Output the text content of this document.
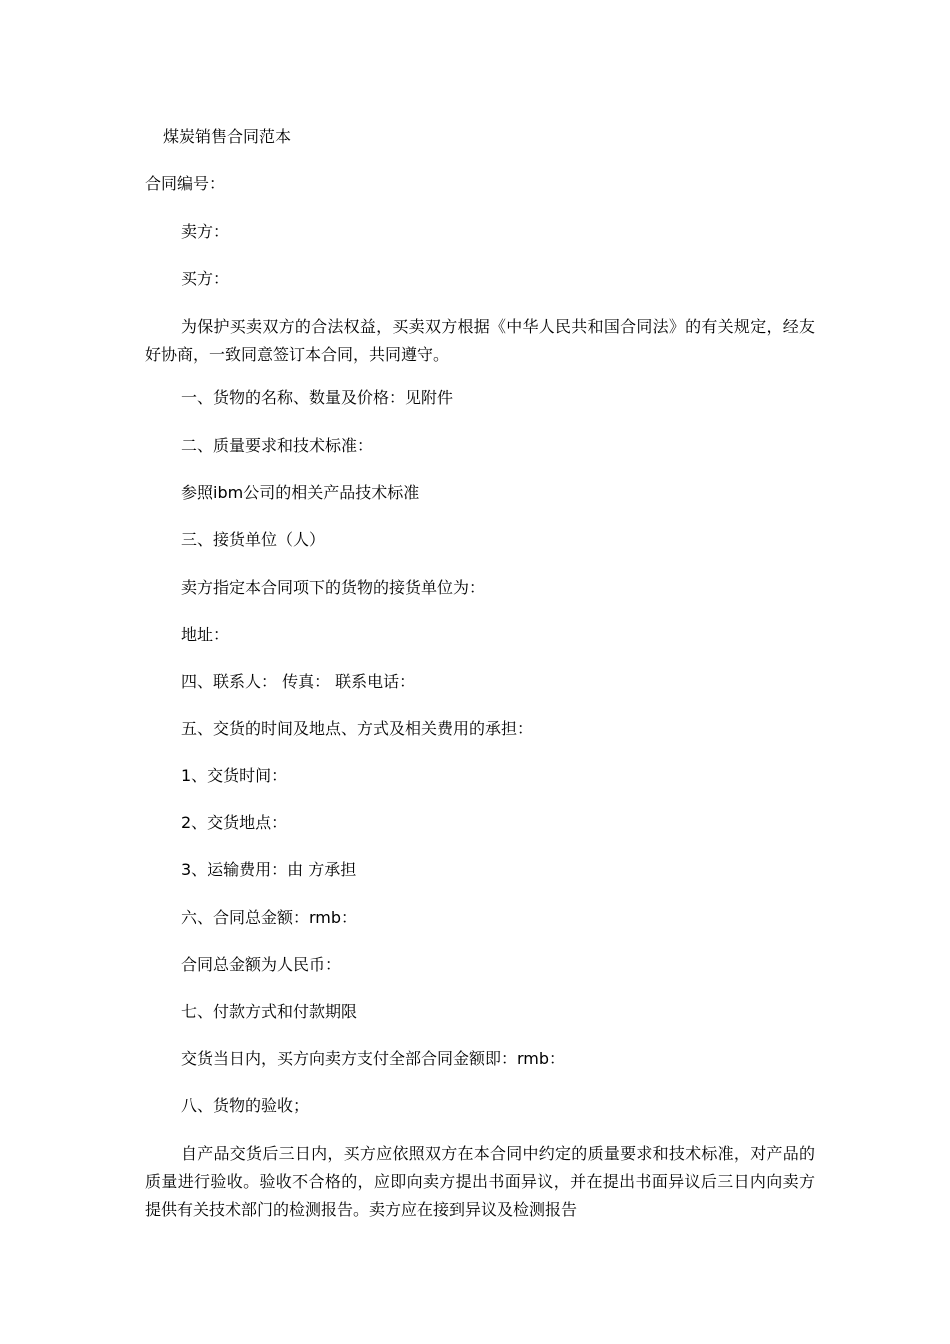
煤炭销售合同范本

合同编号：

卖方：

买方：

为保护买卖双方的合法权益，买卖双方根据《中华人民共和国合同法》的有关规定，经友好协商，一致同意签订本合同，共同遵守。

一、货物的名称、数量及价格：见附件

二、质量要求和技术标准：

参照ibm公司的相关产品技术标准

三、接货单位（人）

卖方指定本合同项下的货物的接货单位为：

地址：

四、联系人： 传真： 联系电话：

五、交货的时间及地点、方式及相关费用的承担：

1、交货时间：

2、交货地点：

3、运输费用：由 方承担

六、合同总金额：rmb：

合同总金额为人民币：

七、付款方式和付款期限

交货当日内，买方向卖方支付全部合同金额即：rmb：

八、货物的验收；

自产品交货后三日内，买方应依照双方在本合同中约定的质量要求和技术标准，对产品的质量进行验收。验收不合格的，应即向卖方提出书面异议，并在提出书面异议后三日内向卖方提供有关技术部门的检测报告。卖方应在接到异议及检测报告
